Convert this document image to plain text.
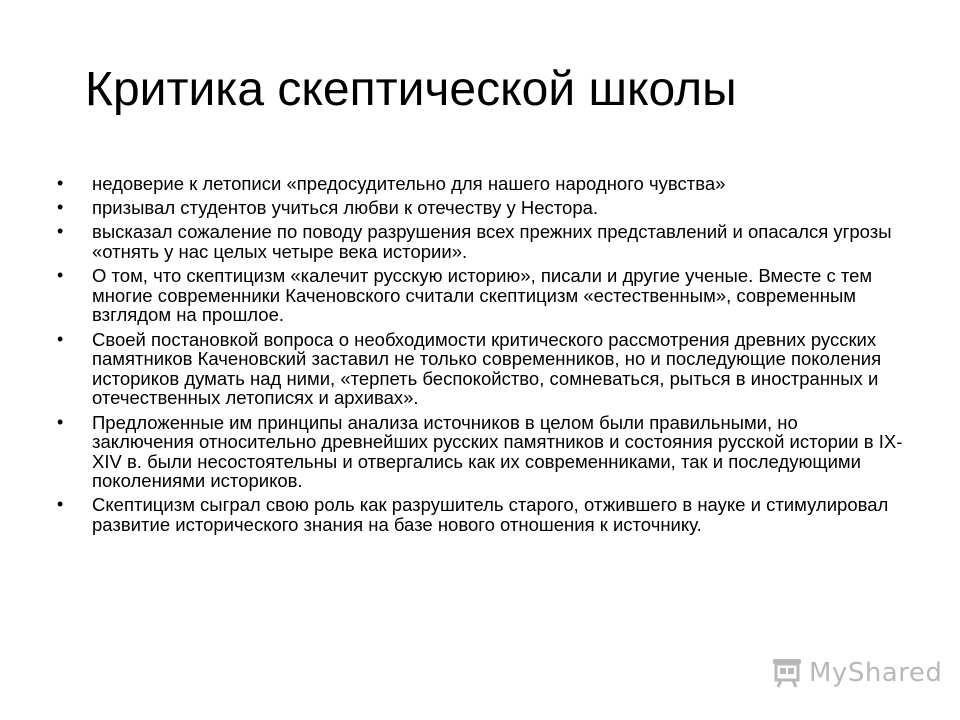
Критика скептической школы
•	недоверие к летописи «предосудительно для нашего народного чувства»
•	призывал студентов учиться любви к отечеству у Нестора.
•	высказал сожаление по поводу разрушения всех прежних представлений и опасался угрозы «отнять у нас целых четыре века истории».
•	О том, что скептицизм «калечит русскую историю», писали и другие ученые. Вместе с тем многие современники Каченовского считали скептицизм «естественным», современным взглядом на прошлое.
•	Своей постановкой вопроса о необходимости критического рассмотрения древних русских памятников Каченовский заставил не только современников, но и последующие поколения историков думать над ними, «терпеть беспокойство, сомневаться, рыться в иностранных и отечественных летописях и архивах».
•	Предложенные им принципы анализа источников в целом были правильными, но заключения относительно древнейших русских памятников и состояния русской истории в IX-XIV в. были несостоятельны и отвергались как их современниками, так и последующими поколениями историков.
•	Скептицизм сыграл свою роль как разрушитель старого, отжившего в науке и стимулировал развитие исторического знания на базе нового отношения к источнику.
MyShared
